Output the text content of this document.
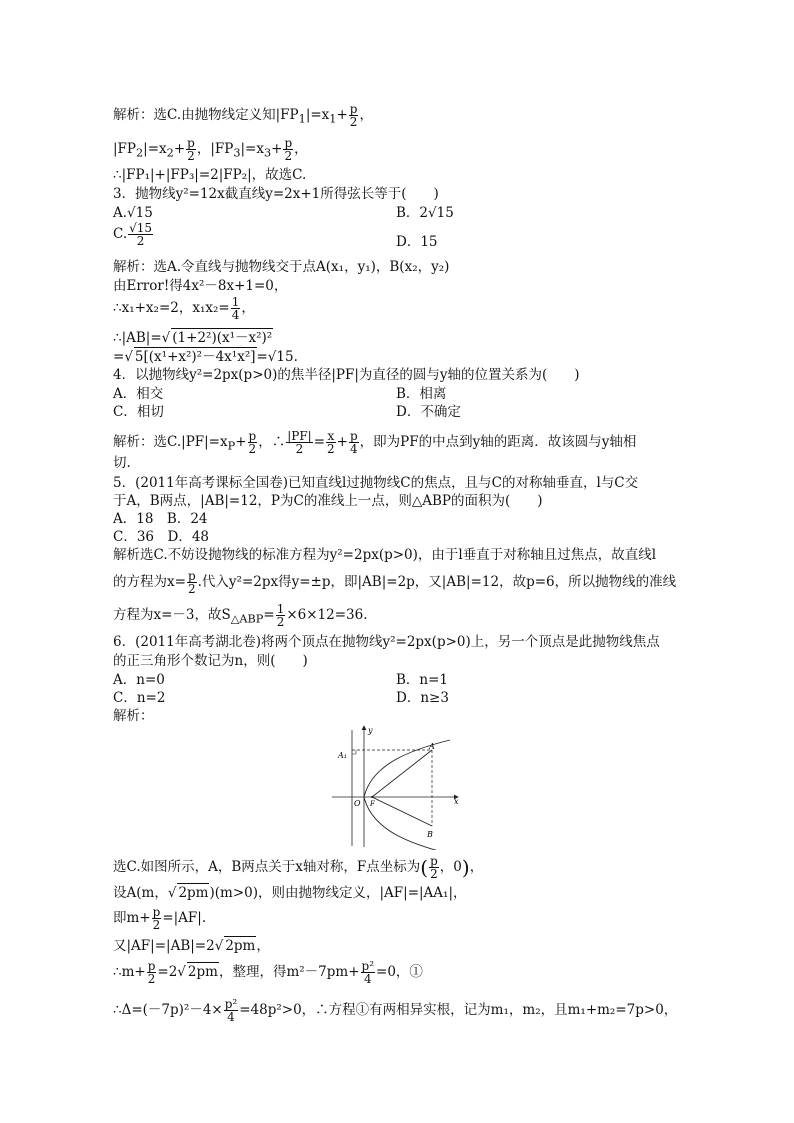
解析：选C.由抛物线定义知$|FP_1|=x_1+ \frac{p}{2}$ ，
$|FP_2|=x_2+ \frac{p}{2}$ ，$|FP_3|=x_3+ \frac{p}{2}$ ，
∴|FP₁|+|FP₃|=2|FP₂|，故选C.
3．抛物线y²=12x截直线y=2x+1所得弦长等于(　　)
A.√15	B．2√15
C. $\frac{√15}{2}$	D．15
解析：选A.令直线与抛物线交于点A(x₁，y₁)，B(x₂，y₂)
由Error!得4x²－8x+1=0，
∴x₁+x₂=2，$x_1x_2= \frac{1}{4}$ ，
∴|AB|=√ (1+2²)(x¹－x²)²
=√ 5[(x¹+x²)²－4x¹x²]=√15.
4．以抛物线y²=2px(p>0)的焦半径|PF|为直径的圆与y轴的位置关系为(　　)
A．相交	B．相离
C．相切	D．不确定
解析：选$C.|PF|=x_P+ \frac{p}{2}$ ，∴ $\frac{|PF|}{2} = \frac{x}{2} + \frac{p}{4}$ ，即为PF的中点到y轴的距离．故该圆与y轴相
切.
5．(2011年高考课标全国卷)已知直线l过抛物线C的焦点，且与C的对称轴垂直，l与C交
于A，B两点，|AB|=12，P为C的准线上一点，则△ABP的面积为(　　)
A．18　B．24
C．36　D．48
解析选C.不妨设抛物线的标准方程为y²=2px(p>0)，由于l垂直于对称轴且过焦点，故直线l
的方程为$x= \frac{p}{2}$ .代入y²=2px得y=±p，即|AB|=2p，又|AB|=12，故p=6，所以抛物线的准线
方程为x=－3，故$S_{\triangle ABP}= \frac{1}{2} \times 6\times 12=36$.
6．(2011年高考湖北卷)将两个顶点在抛物线y²=2px(p>0)上，另一个顶点是此抛物线焦点
的正三角形个数记为n，则(　　)
A．n=0	B．n=1
C．n=2	D．n≥3
解析：
y
x
A₁
A
B
O F
选C.如图所示，A，B两点关于x轴对称，F点坐标为( $\frac{p}{2}$ ，0)，
设A(m，√ 2pm)(m>0)，则由抛物线定义，|AF|=|AA₁|，
即$m+ \frac{p}{2} =|AF|$.
又|AF|=|AB|=2√ 2pm，
∴m+ $\frac{p}{2} =2√$ 2pm，整理，得$m^2-7pm+ \frac{\text{p²}}{4} =0$，①
∴Δ=(－7p)²－4× $\frac{\text{p²}}{4} =48p^2>0$，∴方程①有两相异实根，记为m₁，m₂，且m₁+m₂=7p>0，
